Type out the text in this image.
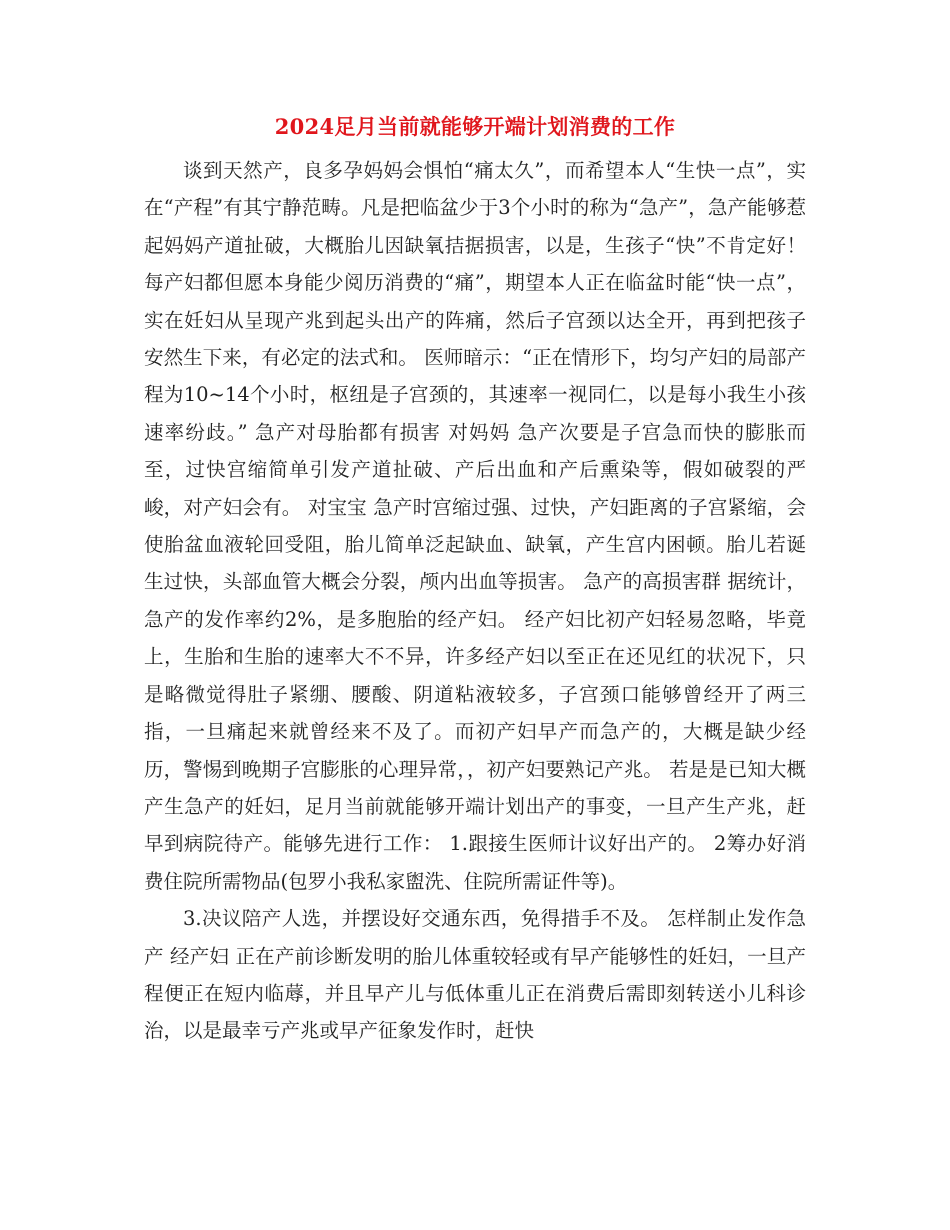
2024足月当前就能够开端计划消费的工作

谈到天然产，良多孕妈妈会惧怕“痛太久”，而希望本人“生快一点”，实在“产程”有其宁静范畴。凡是把临盆少于3个小时的称为“急产”，急产能够惹起妈妈产道扯破，大概胎儿因缺氧拮据损害，以是，生孩子“快”不肯定好！每产妇都但愿本身能少阅历消费的“痛”，期望本人正在临盆时能“快一点”，实在妊妇从呈现产兆到起头出产的阵痛，然后子宫颈以达全开，再到把孩子安然生下来，有必定的法式和。 医师暗示：“正在情形下，均匀产妇的局部产程为10~14个小时，枢纽是子宫颈的，其速率一视同仁，以是每小我生小孩速率纷歧。” 急产对母胎都有损害 对妈妈 急产次要是子宫急而快的膨胀而至，过快宫缩简单引发产道扯破、产后出血和产后熏染等，假如破裂的严峻，对产妇会有。 对宝宝 急产时宫缩过强、过快，产妇距离的子宫紧缩，会使胎盆血液轮回受阻，胎儿简单泛起缺血、缺氧，产生宫内困顿。胎儿若诞生过快，头部血管大概会分裂，颅内出血等损害。 急产的高损害群 据统计，急产的发作率约2%，是多胞胎的经产妇。 经产妇比初产妇轻易忽略，毕竟上，生胎和生胎的速率大不不异，许多经产妇以至正在还见红的状况下，只是略微觉得肚子紧绷、腰酸、阴道粘液较多，子宫颈口能够曾经开了两三指，一旦痛起来就曾经来不及了。而初产妇早产而急产的，大概是缺少经历，警惕到晚期子宫膨胀的心理异常，，初产妇要熟记产兆。 若是是已知大概产生急产的妊妇，足月当前就能够开端计划出产的事变，一旦产生产兆，赶早到病院待产。能够先进行工作： 1.跟接生医师计议好出产的。 2筹办好消费住院所需物品(包罗小我私家盥洗、住院所需证件等)。

3.决议陪产人选，并摆设好交通东西，免得措手不及。 怎样制止发作急产 经产妇 正在产前诊断发明的胎儿体重较轻或有早产能够性的妊妇，一旦产程便正在短内临蓐，并且早产儿与低体重儿正在消费后需即刻转送小儿科诊治，以是最幸亏产兆或早产征象发作时，赶快
